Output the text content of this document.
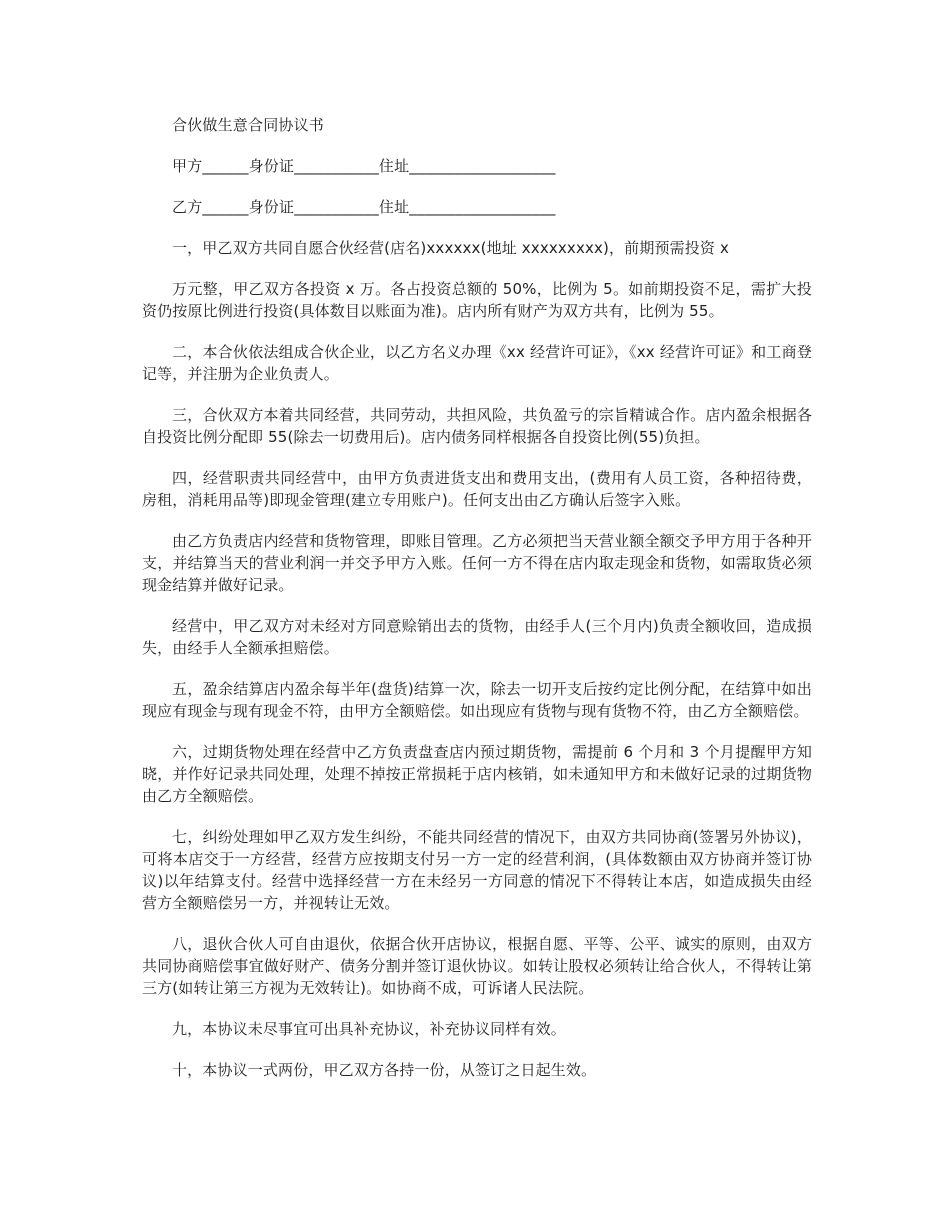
合伙做生意合同协议书

甲方______身份证___________住址___________________

乙方______身份证___________住址___________________

一，甲乙双方共同自愿合伙经营(店名)xxxxxx(地址 xxxxxxxxx)，前期预需投资 x

万元整，甲乙双方各投资 x 万。各占投资总额的 50%，比例为 5。如前期投资不足，需扩大投资仍按原比例进行投资(具体数目以账面为准)。店内所有财产为双方共有，比例为 55。

二，本合伙依法组成合伙企业，以乙方名义办理《xx 经营许可证》，《xx 经营许可证》和工商登记等，并注册为企业负责人。

三，合伙双方本着共同经营，共同劳动，共担风险，共负盈亏的宗旨精诚合作。店内盈余根据各自投资比例分配即 55(除去一切费用后)。店内债务同样根据各自投资比例(55)负担。

四，经营职责共同经营中，由甲方负责进货支出和费用支出，(费用有人员工资，各种招待费，房租，消耗用品等)即现金管理(建立专用账户)。任何支出由乙方确认后签字入账。

由乙方负责店内经营和货物管理，即账目管理。乙方必须把当天营业额全额交予甲方用于各种开支，并结算当天的营业利润一并交予甲方入账。任何一方不得在店内取走现金和货物，如需取货必须现金结算并做好记录。

经营中，甲乙双方对未经对方同意赊销出去的货物，由经手人(三个月内)负责全额收回，造成损失，由经手人全额承担赔偿。

五，盈余结算店内盈余每半年(盘货)结算一次，除去一切开支后按约定比例分配，在结算中如出现应有现金与现有现金不符，由甲方全额赔偿。如出现应有货物与现有货物不符，由乙方全额赔偿。

六，过期货物处理在经营中乙方负责盘查店内预过期货物，需提前 6 个月和 3 个月提醒甲方知晓，并作好记录共同处理，处理不掉按正常损耗于店内核销，如未通知甲方和未做好记录的过期货物由乙方全额赔偿。

七，纠纷处理如甲乙双方发生纠纷，不能共同经营的情况下，由双方共同协商(签署另外协议)，可将本店交于一方经营，经营方应按期支付另一方一定的经营利润，(具体数额由双方协商并签订协议)以年结算支付。经营中选择经营一方在未经另一方同意的情况下不得转让本店，如造成损失由经营方全额赔偿另一方，并视转让无效。

八，退伙合伙人可自由退伙，依据合伙开店协议，根据自愿、平等、公平、诚实的原则，由双方共同协商赔偿事宜做好财产、债务分割并签订退伙协议。如转让股权必须转让给合伙人，不得转让第三方(如转让第三方视为无效转让)。如协商不成，可诉诸人民法院。

九，本协议未尽事宜可出具补充协议，补充协议同样有效。

十，本协议一式两份，甲乙双方各持一份，从签订之日起生效。
